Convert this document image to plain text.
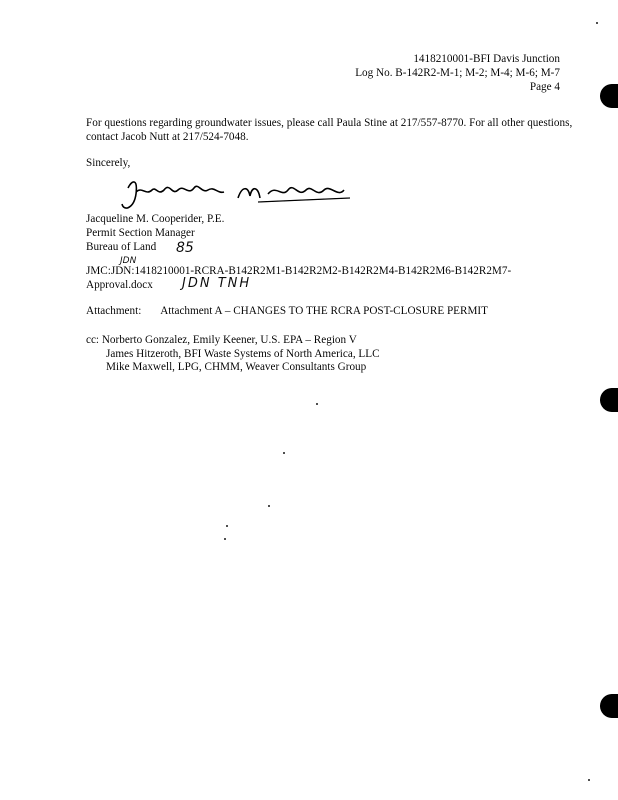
1418210001-BFI Davis Junction
Log No. B-142R2-M-1; M-2; M-4; M-6; M-7
Page 4
For questions regarding groundwater issues, please call Paula Stine at 217/557-8770. For all other questions, contact Jacob Nutt at 217/524-7048.
Sincerely,
Jacqueline M. Cooperider, P.E.
Permit Section Manager
Bureau of Land
JDN
85
JMC:JDN:1418210001-RCRA-B142R2M1-B142R2M2-B142R2M4-B142R2M6-B142R2M7-
Approval.docx	JDN TNH
Attachment: Attachment A – CHANGES TO THE RCRA POST-CLOSURE PERMIT
cc: Norberto Gonzalez, Emily Keener, U.S. EPA – Region V
James Hitzeroth, BFI Waste Systems of North America, LLC
Mike Maxwell, LPG, CHMM, Weaver Consultants Group
